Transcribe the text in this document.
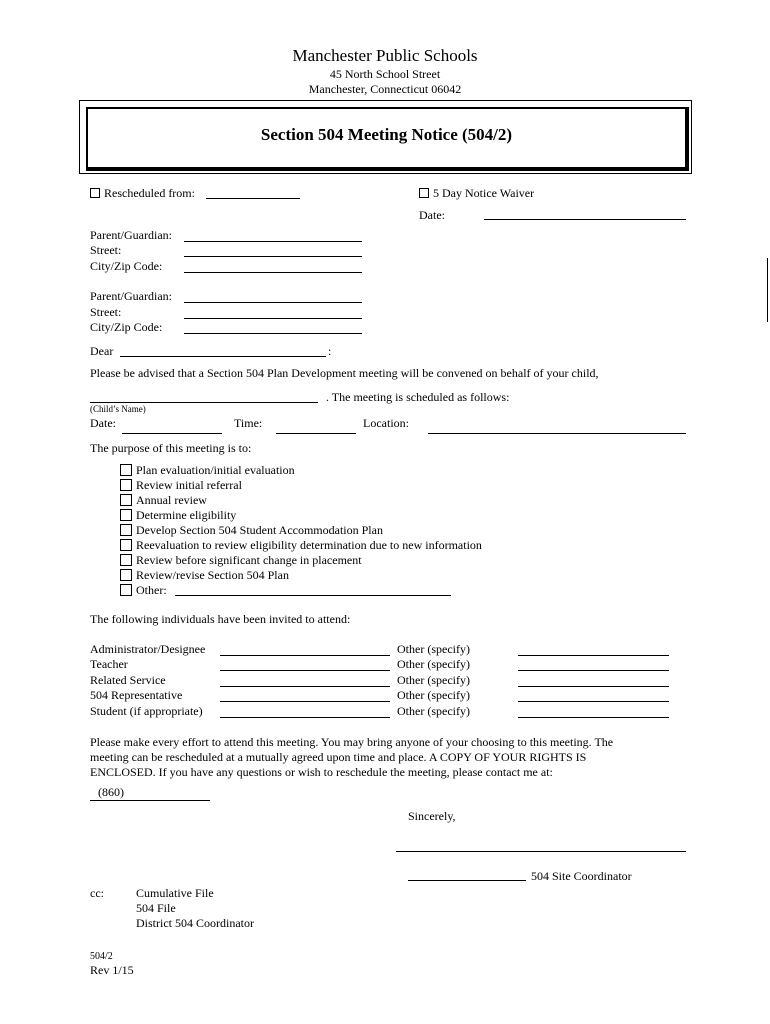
Manchester Public Schools
45 North School Street
Manchester, Connecticut 06042
Section 504 Meeting Notice (504/2)
Rescheduled from:	5 Day Notice Waiver
Date:
Parent/Guardian:
Street:
City/Zip Code:
Parent/Guardian:
Street:
City/Zip Code:
Dear	:
Please be advised that a Section 504 Plan Development meeting will be convened on behalf of your child,
. The meeting is scheduled as follows:
(Child’s Name)
Date:	Time:	Location:
The purpose of this meeting is to:
Plan evaluation/initial evaluation
Review initial referral
Annual review
Determine eligibility
Develop Section 504 Student Accommodation Plan
Reevaluation to review eligibility determination due to new information
Review before significant change in placement
Review/revise Section 504 Plan
Other:
The following individuals have been invited to attend:
Administrator/Designee	Other (specify)
Teacher	Other (specify)
Related Service	Other (specify)
504 Representative	Other (specify)
Student (if appropriate)	Other (specify)
Please make every effort to attend this meeting. You may bring anyone of your choosing to this meeting. The
meeting can be rescheduled at a mutually agreed upon time and place. A COPY OF YOUR RIGHTS IS
ENCLOSED. If you have any questions or wish to reschedule the meeting, please contact me at:
(860)
Sincerely,
504 Site Coordinator
cc:	Cumulative File
504 File
District 504 Coordinator
504/2
Rev 1/15
